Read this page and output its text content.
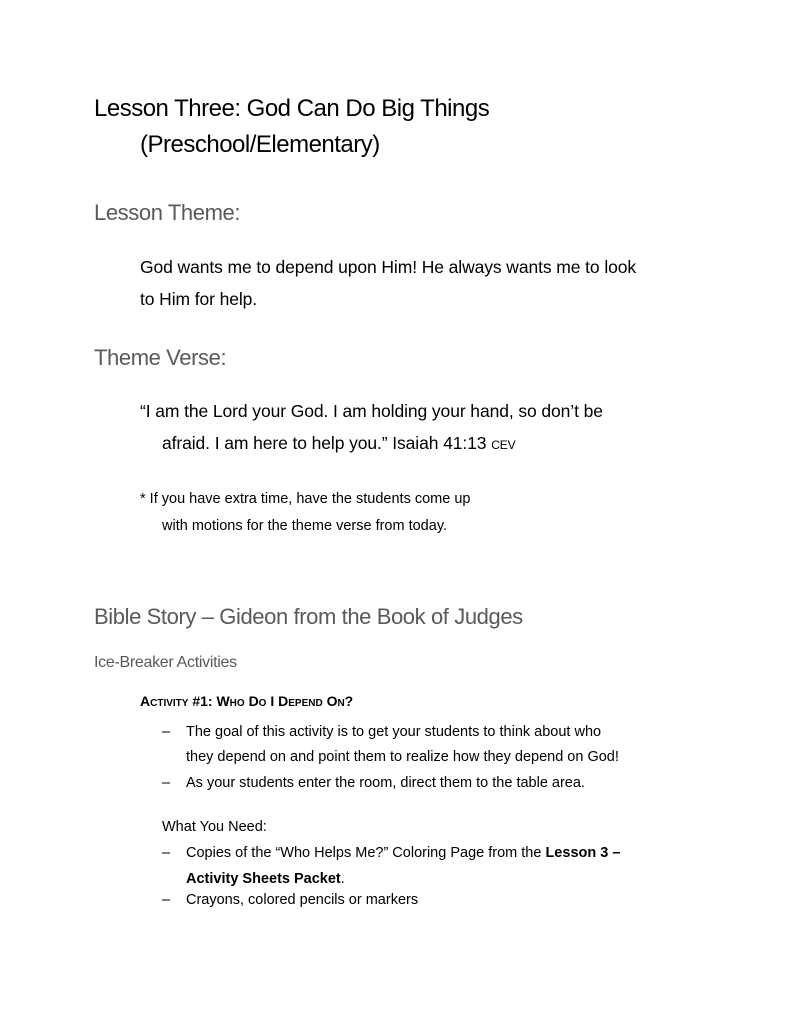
Lesson Three: God Can Do Big Things
(Preschool/Elementary)
Lesson Theme:
God wants me to depend upon Him! He always wants me to look
to Him for help.
Theme Verse:
“I am the Lord your God. I am holding your hand, so don’t be
afraid. I am here to help you.” Isaiah 41:13 CEV
* If you have extra time, have the students come up
with motions for the theme verse from today.
Bible Story – Gideon from the Book of Judges
Ice-Breaker Activities
Activity #1: Who Do I Depend On?
– The goal of this activity is to get your students to think about who
they depend on and point them to realize how they depend on God!
– As your students enter the room, direct them to the table area.
What You Need:
– Copies of the “Who Helps Me?” Coloring Page from the Lesson 3 –
Activity Sheets Packet.
– Crayons, colored pencils or markers
